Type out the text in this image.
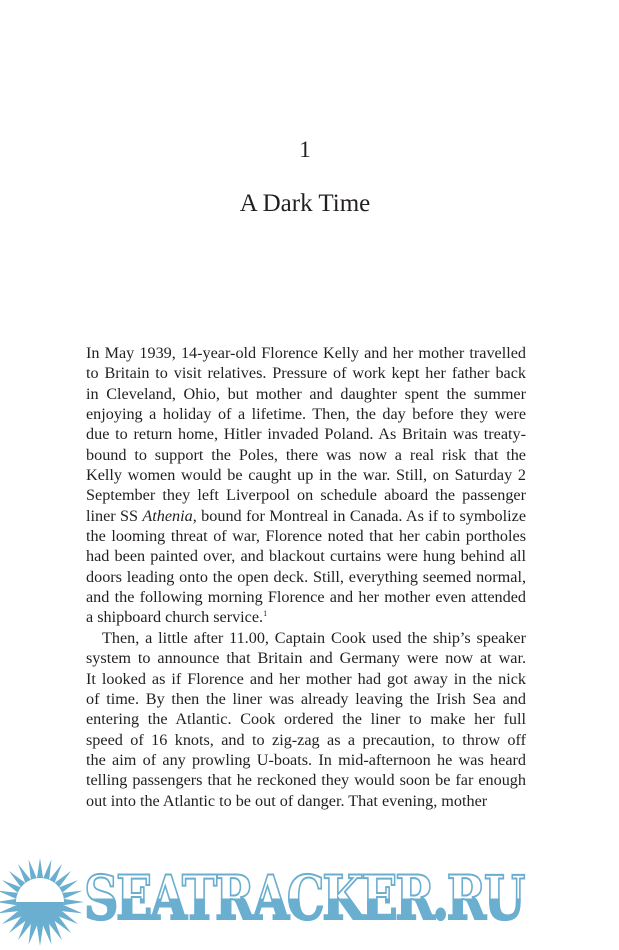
1
A Dark Time
In May 1939, 14-year-old Florence Kelly and her mother travelled
to Britain to visit relatives. Pressure of work kept her father back
in Cleveland, Ohio, but mother and daughter spent the summer
enjoying a holiday of a lifetime. Then, the day before they were
due to return home, Hitler invaded Poland. As Britain was treaty-
bound to support the Poles, there was now a real risk that the
Kelly women would be caught up in the war. Still, on Saturday 2
September they left Liverpool on schedule aboard the passenger
liner SS Athenia, bound for Montreal in Canada. As if to symbolize
the looming threat of war, Florence noted that her cabin portholes
had been painted over, and blackout curtains were hung behind all
doors leading onto the open deck. Still, everything seemed normal,
and the following morning Florence and her mother even attended
a shipboard church service.$^1$
Then, a little after 11.00, Captain Cook used the ship’s speaker
system to announce that Britain and Germany were now at war.
It looked as if Florence and her mother had got away in the nick
of time. By then the liner was already leaving the Irish Sea and
entering the Atlantic. Cook ordered the liner to make her full
speed of 16 knots, and to zig-zag as a precaution, to throw off
the aim of any prowling U-boats. In mid-afternoon he was heard
telling passengers that he reckoned they would soon be far enough
out into the Atlantic to be out of danger. That evening, mother
SEATRACKER.RU
